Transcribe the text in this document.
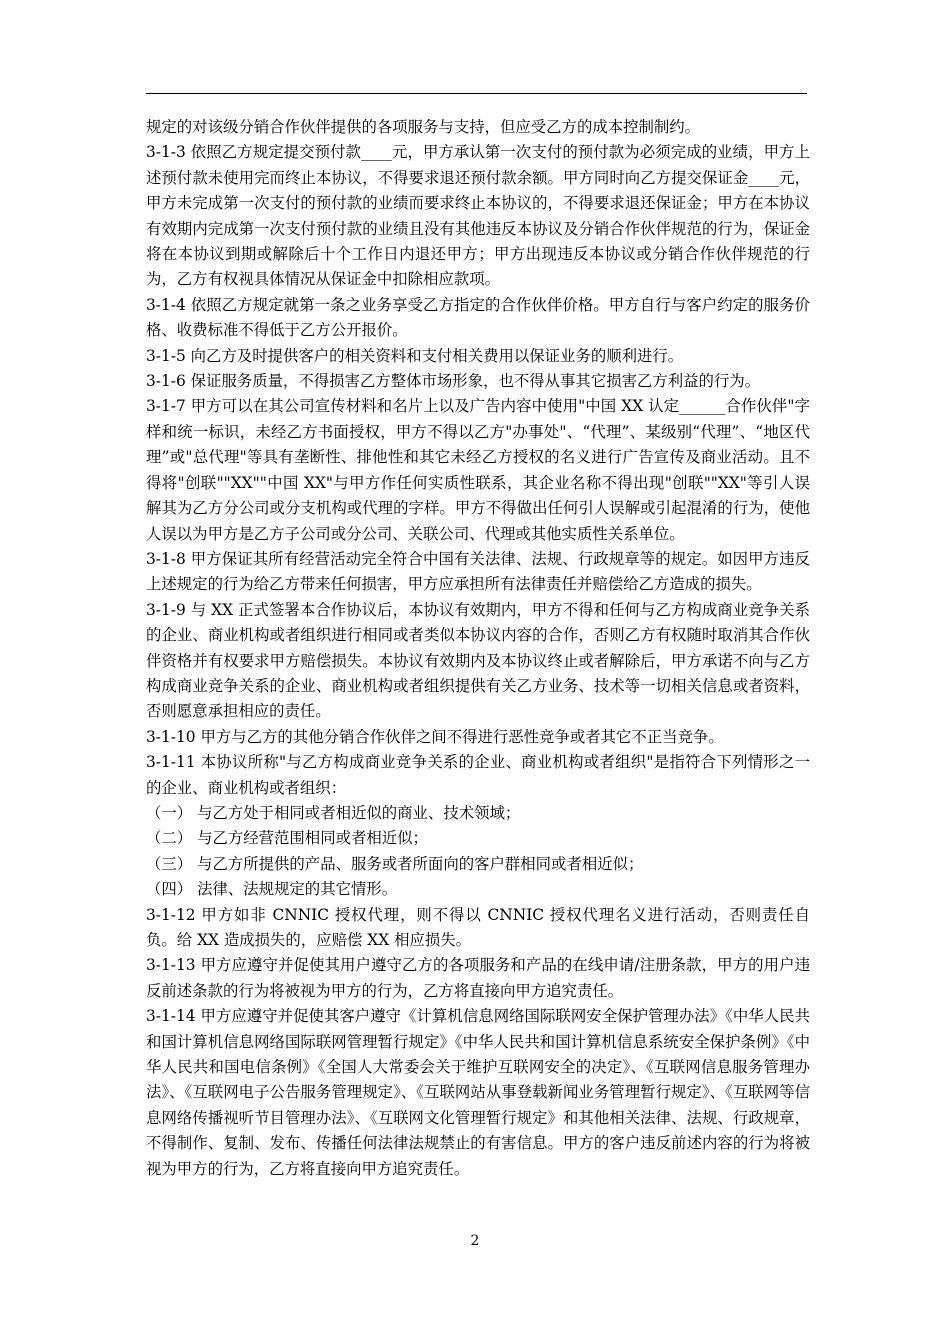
规定的对该级分销合作伙伴提供的各项服务与支持，但应受乙方的成本控制制约。

3-1-3 依照乙方规定提交预付款____元，甲方承认第一次支付的预付款为必须完成的业绩，甲方上述预付款未使用完而终止本协议，不得要求退还预付款余额。甲方同时向乙方提交保证金____元，甲方未完成第一次支付的预付款的业绩而要求终止本协议的，不得要求退还保证金；甲方在本协议有效期内完成第一次支付预付款的业绩且没有其他违反本协议及分销合作伙伴规范的行为，保证金将在本协议到期或解除后十个工作日内退还甲方；甲方出现违反本协议或分销合作伙伴规范的行为，乙方有权视具体情况从保证金中扣除相应款项。

3-1-4 依照乙方规定就第一条之业务享受乙方指定的合作伙伴价格。甲方自行与客户约定的服务价格、收费标准不得低于乙方公开报价。

3-1-5 向乙方及时提供客户的相关资料和支付相关费用以保证业务的顺利进行。

3-1-6 保证服务质量，不得损害乙方整体市场形象，也不得从事其它损害乙方利益的行为。

3-1-7 甲方可以在其公司宣传材料和名片上以及广告内容中使用"中国 XX 认定______合作伙伴"字样和统一标识，未经乙方书面授权，甲方不得以乙方"办事处"、“代理”、某级别“代理”、“地区代理”或"总代理"等具有垄断性、排他性和其它未经乙方授权的名义进行广告宣传及商业活动。且不得将"创联""XX""中国 XX"与甲方作任何实质性联系，其企业名称不得出现"创联""XX"等引人误解其为乙方分公司或分支机构或代理的字样。甲方不得做出任何引人误解或引起混淆的行为，使他人误以为甲方是乙方子公司或分公司、关联公司、代理或其他实质性关系单位。

3-1-8 甲方保证其所有经营活动完全符合中国有关法律、法规、行政规章等的规定。如因甲方违反上述规定的行为给乙方带来任何损害，甲方应承担所有法律责任并赔偿给乙方造成的损失。

3-1-9 与 XX 正式签署本合作协议后，本协议有效期内，甲方不得和任何与乙方构成商业竞争关系的企业、商业机构或者组织进行相同或者类似本协议内容的合作，否则乙方有权随时取消其合作伙伴资格并有权要求甲方赔偿损失。本协议有效期内及本协议终止或者解除后，甲方承诺不向与乙方构成商业竞争关系的企业、商业机构或者组织提供有关乙方业务、技术等一切相关信息或者资料，否则愿意承担相应的责任。

3-1-10 甲方与乙方的其他分销合作伙伴之间不得进行恶性竞争或者其它不正当竞争。

3-1-11 本协议所称"与乙方构成商业竞争关系的企业、商业机构或者组织"是指符合下列情形之一的企业、商业机构或者组织：

（一） 与乙方处于相同或者相近似的商业、技术领域；

（二） 与乙方经营范围相同或者相近似；

（三） 与乙方所提供的产品、服务或者所面向的客户群相同或者相近似；

（四） 法律、法规规定的其它情形。

3-1-12 甲方如非 CNNIC 授权代理，则不得以 CNNIC 授权代理名义进行活动，否则责任自负。给 XX 造成损失的，应赔偿 XX 相应损失。

3-1-13 甲方应遵守并促使其用户遵守乙方的各项服务和产品的在线申请/注册条款，甲方的用户违反前述条款的行为将被视为甲方的行为，乙方将直接向甲方追究责任。

3-1-14 甲方应遵守并促使其客户遵守《计算机信息网络国际联网安全保护管理办法》《中华人民共和国计算机信息网络国际联网管理暂行规定》《中华人民共和国计算机信息系统安全保护条例》《中华人民共和国电信条例》《全国人大常委会关于维护互联网安全的决定》、《互联网信息服务管理办法》、《互联网电子公告服务管理规定》、《互联网站从事登载新闻业务管理暂行规定》、《互联网等信息网络传播视听节目管理办法》、《互联网文化管理暂行规定》和其他相关法律、法规、行政规章，不得制作、复制、发布、传播任何法律法规禁止的有害信息。甲方的客户违反前述内容的行为将被视为甲方的行为，乙方将直接向甲方追究责任。

2
